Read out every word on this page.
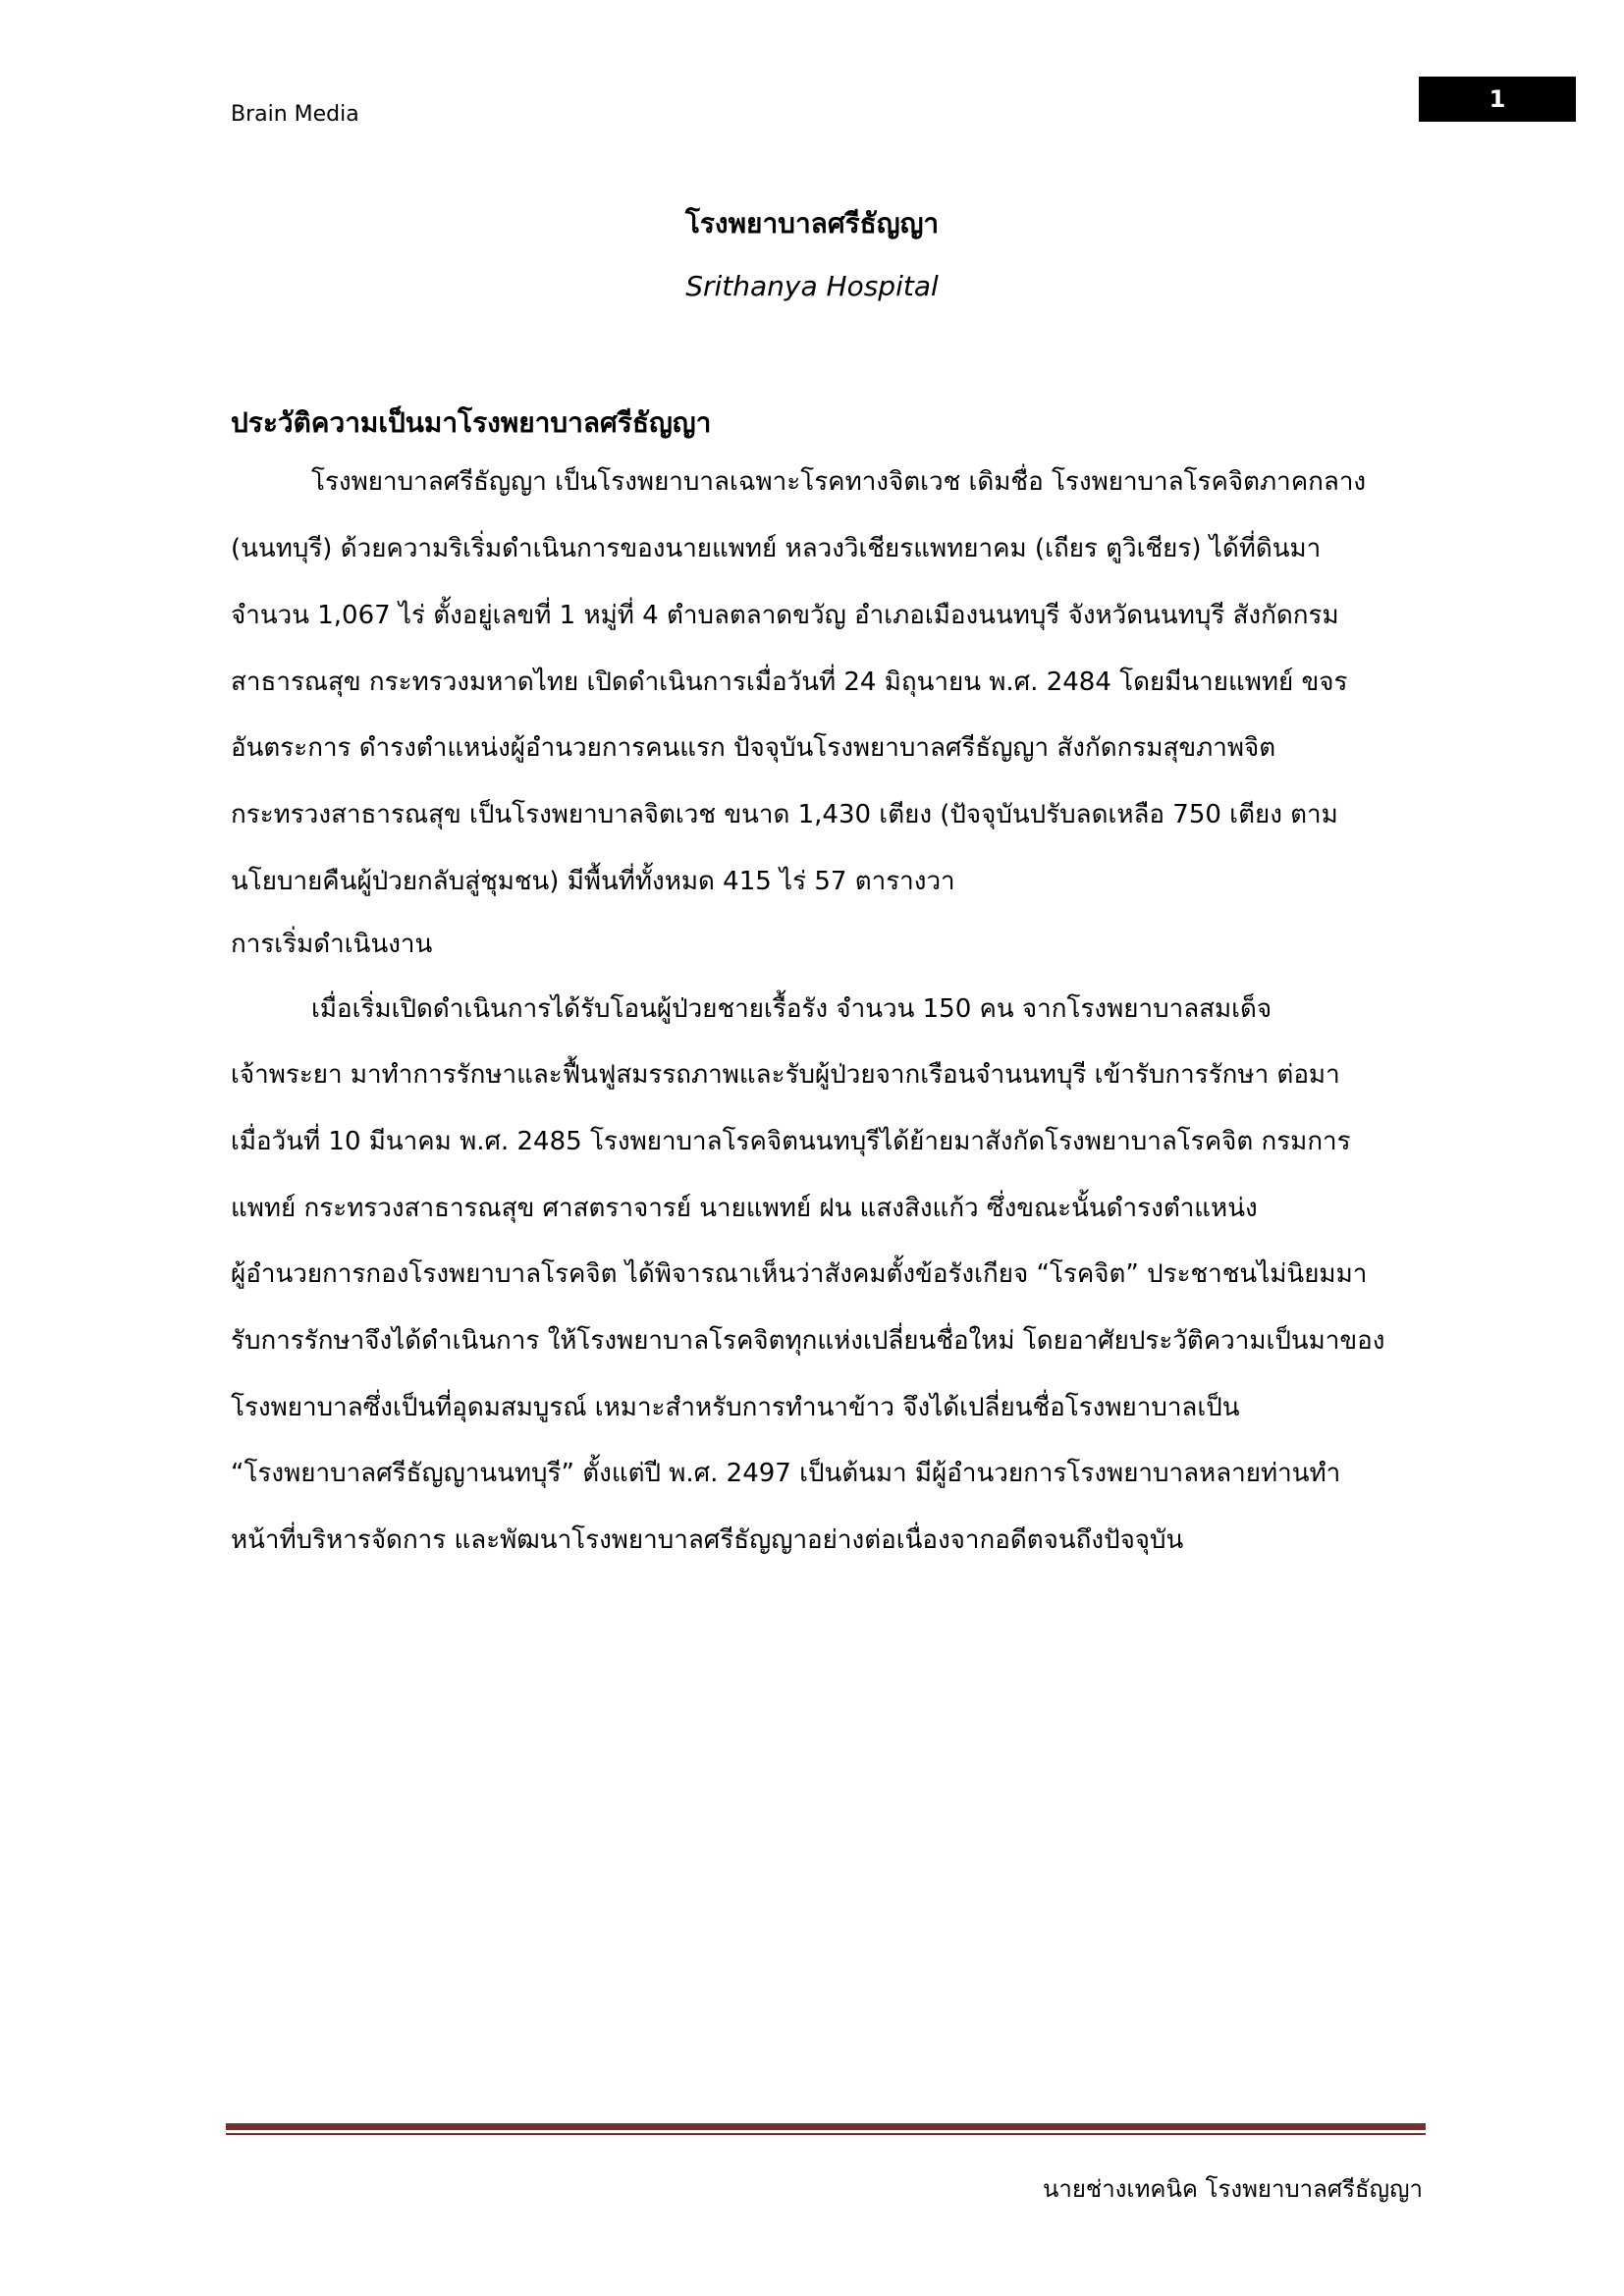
Brain Media
1
โรงพยาบาลศรีธัญญา
Srithanya Hospital
ประวัติความเป็นมาโรงพยาบาลศรีธัญญา
โรงพยาบาลศรีธัญญา เป็นโรงพยาบาลเฉพาะโรคทางจิตเวช เดิมชื่อ โรงพยาบาลโรคจิตภาคกลาง
(นนทบุรี) ด้วยความริเริ่มดำเนินการของนายแพทย์ หลวงวิเชียรแพทยาคม (เถียร ตูวิเชียร) ได้ที่ดินมา
จำนวน 1,067 ไร่ ตั้งอยู่เลขที่ 1 หมู่ที่ 4 ตำบลตลาดขวัญ อำเภอเมืองนนทบุรี จังหวัดนนทบุรี สังกัดกรม
สาธารณสุข กระทรวงมหาดไทย เปิดดำเนินการเมื่อวันที่ 24 มิถุนายน พ.ศ. 2484 โดยมีนายแพทย์ ขจร
อันตระการ ดำรงตำแหน่งผู้อำนวยการคนแรก ปัจจุบันโรงพยาบาลศรีธัญญา สังกัดกรมสุขภาพจิต
กระทรวงสาธารณสุข เป็นโรงพยาบาลจิตเวช ขนาด 1,430 เตียง (ปัจจุบันปรับลดเหลือ 750 เตียง ตาม
นโยบายคืนผู้ป่วยกลับสู่ชุมชน) มีพื้นที่ทั้งหมด 415 ไร่ 57 ตารางวา
การเริ่มดำเนินงาน
เมื่อเริ่มเปิดดำเนินการได้รับโอนผู้ป่วยชายเรื้อรัง จำนวน 150 คน จากโรงพยาบาลสมเด็จ
เจ้าพระยา มาทำการรักษาและฟื้นฟูสมรรถภาพและรับผู้ป่วยจากเรือนจำนนทบุรี เข้ารับการรักษา ต่อมา
เมื่อวันที่ 10 มีนาคม พ.ศ. 2485 โรงพยาบาลโรคจิตนนทบุรีได้ย้ายมาสังกัดโรงพยาบาลโรคจิต กรมการ
แพทย์ กระทรวงสาธารณสุข ศาสตราจารย์ นายแพทย์ ฝน แสงสิงแก้ว ซึ่งขณะนั้นดำรงตำแหน่ง
ผู้อำนวยการกองโรงพยาบาลโรคจิต ได้พิจารณาเห็นว่าสังคมตั้งข้อรังเกียจ “โรคจิต” ประชาชนไม่นิยมมา
รับการรักษาจึงได้ดำเนินการ ให้โรงพยาบาลโรคจิตทุกแห่งเปลี่ยนชื่อใหม่ โดยอาศัยประวัติความเป็นมาของ
โรงพยาบาลซึ่งเป็นที่อุดมสมบูรณ์ เหมาะสำหรับการทำนาข้าว จึงได้เปลี่ยนชื่อโรงพยาบาลเป็น
“โรงพยาบาลศรีธัญญานนทบุรี” ตั้งแต่ปี พ.ศ. 2497 เป็นต้นมา มีผู้อำนวยการโรงพยาบาลหลายท่านทำ
หน้าที่บริหารจัดการ และพัฒนาโรงพยาบาลศรีธัญญาอย่างต่อเนื่องจากอดีตจนถึงปัจจุบัน
นายช่างเทคนิค โรงพยาบาลศรีธัญญา
